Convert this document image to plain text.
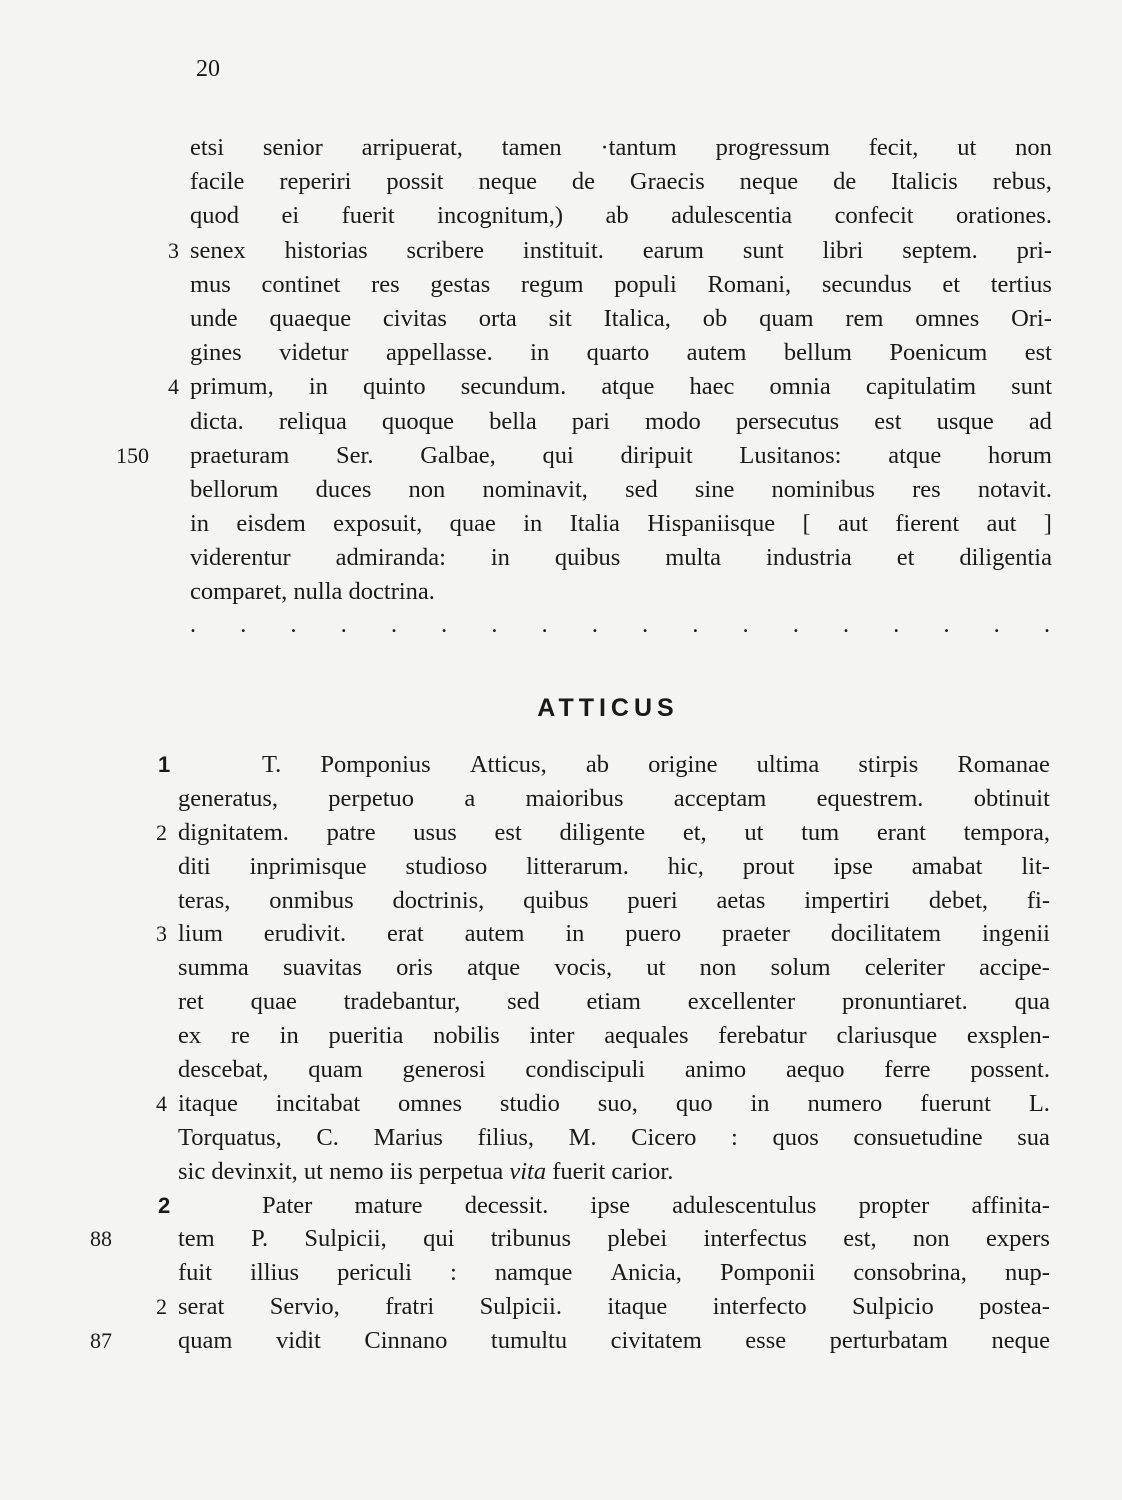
20
etsi senior arripuerat, tamen ·tantum progressum fecit, ut non
facile reperiri possit neque de Graecis neque de Italicis rebus,
quod ei fuerit incognitum,) ab adulescentia confecit orationes.
3 senex historias scribere instituit. earum sunt libri septem. pri-
mus continet res gestas regum populi Romani, secundus et tertius
unde quaeque civitas orta sit Italica, ob quam rem omnes Ori-
gines videtur appellasse. in quarto autem bellum Poenicum est
4 primum, in quinto secundum. atque haec omnia capitulatim sunt
dicta. reliqua quoque bella pari modo persecutus est usque ad
150 praeturam Ser. Galbae, qui diripuit Lusitanos: atque horum
bellorum duces non nominavit, sed sine nominibus res notavit.
in eisdem exposuit, quae in Italia Hispaniisque [ aut fierent aut ]
viderentur admiranda: in quibus multa industria et diligentia
comparet, nulla doctrina.
. . . . . . . . . . . . . . . . . .
ATTICUS
1	T. Pomponius Atticus, ab origine ultima stirpis Romanae
generatus, perpetuo a maioribus acceptam equestrem. obtinuit
2 dignitatem. patre usus est diligente et, ut tum erant tempora,
diti inprimisque studioso litterarum. hic, prout ipse amabat lit-
teras, onmibus doctrinis, quibus pueri aetas impertiri debet, fi-
3 lium erudivit. erat autem in puero praeter docilitatem ingenii
summa suavitas oris atque vocis, ut non solum celeriter accipe-
ret quae tradebantur, sed etiam excellenter pronuntiaret. qua
ex re in pueritia nobilis inter aequales ferebatur clariusque exsplen-
descebat, quam generosi condiscipuli animo aequo ferre possent.
4 itaque incitabat omnes studio suo, quo in numero fuerunt L.
Torquatus, C. Marius filius, M. Cicero : quos consuetudine sua
sic devinxit, ut nemo iis perpetua vita fuerit carior.
2	Pater mature decessit. ipse adulescentulus propter affinita-
88	tem P. Sulpicii, qui tribunus plebei interfectus est, non expers
fuit illius periculi : namque Anicia, Pomponii consobrina, nup-
2 serat Servio, fratri Sulpicii. itaque interfecto Sulpicio postea-
87	quam vidit Cinnano tumultu civitatem esse perturbatam neque
